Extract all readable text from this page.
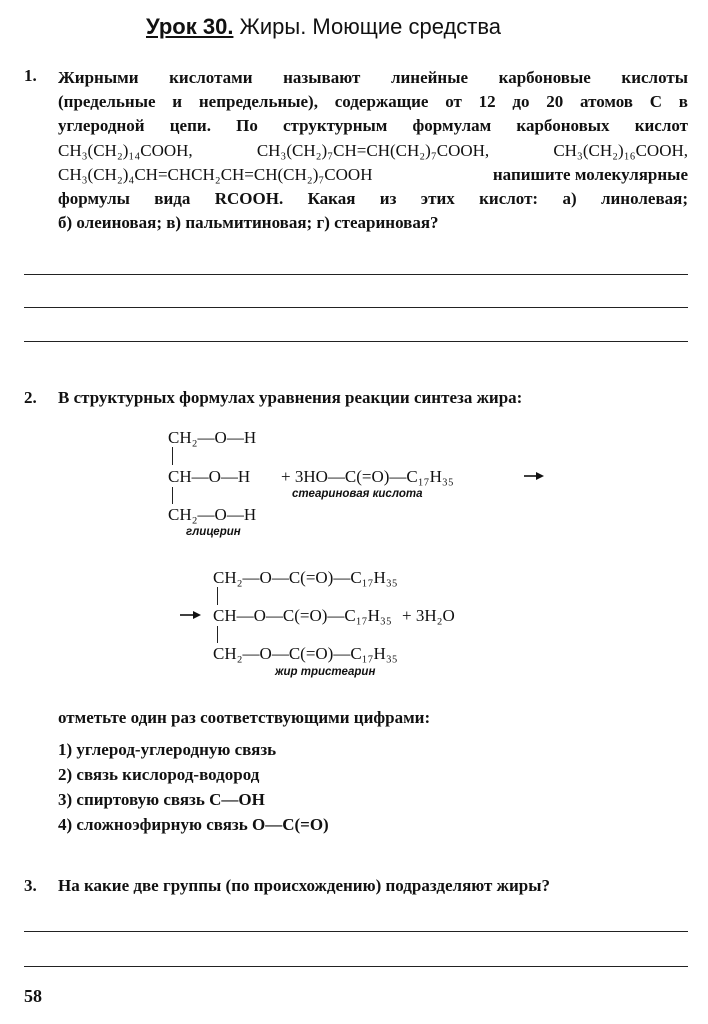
Урок 30. Жиры. Моющие средства
1. Жирными кислотами называют линейные карбоновые кислоты
(предельные и непредельные), содержащие от 12 до 20 атомов С в
углеродной цепи. По структурным формулам карбоновых кислот
CH₃(CH₂)₁₄COOH,	CH₃(CH₂)₇CH=CH(CH₂)₇COOH,	CH₃(CH₂)₁₆COOH,
CH₃(CH₂)₄CH=CHCH₂CH=CH(CH₂)₇COOH	напишите молекулярные
формулы вида RCOOH. Какая из этих кислот: а) линолевая;
б) олеиновая; в) пальмитиновая; г) стеариновая?
2. В структурных формулах уравнения реакции синтеза жира:
CH₂—O—H
CH—O—H
CH₂—O—H
глицерин
+ 3HO—C(=O)—C₁₇H₃₅
стеариновая кислота
CH₂—O—C(=O)—C₁₇H₃₅
CH—O—C(=O)—C₁₇H₃₅ + 3H₂O
CH₂—O—C(=O)—C₁₇H₃₅
жир тристеарин
отметьте один раз соответствующими цифрами:
1) углерод-углеродную связь
2) связь кислород-водород
3) спиртовую связь С—ОН
4) сложноэфирную связь О—С(=О)
3. На какие две группы (по происхождению) подразделяют жиры?
58
